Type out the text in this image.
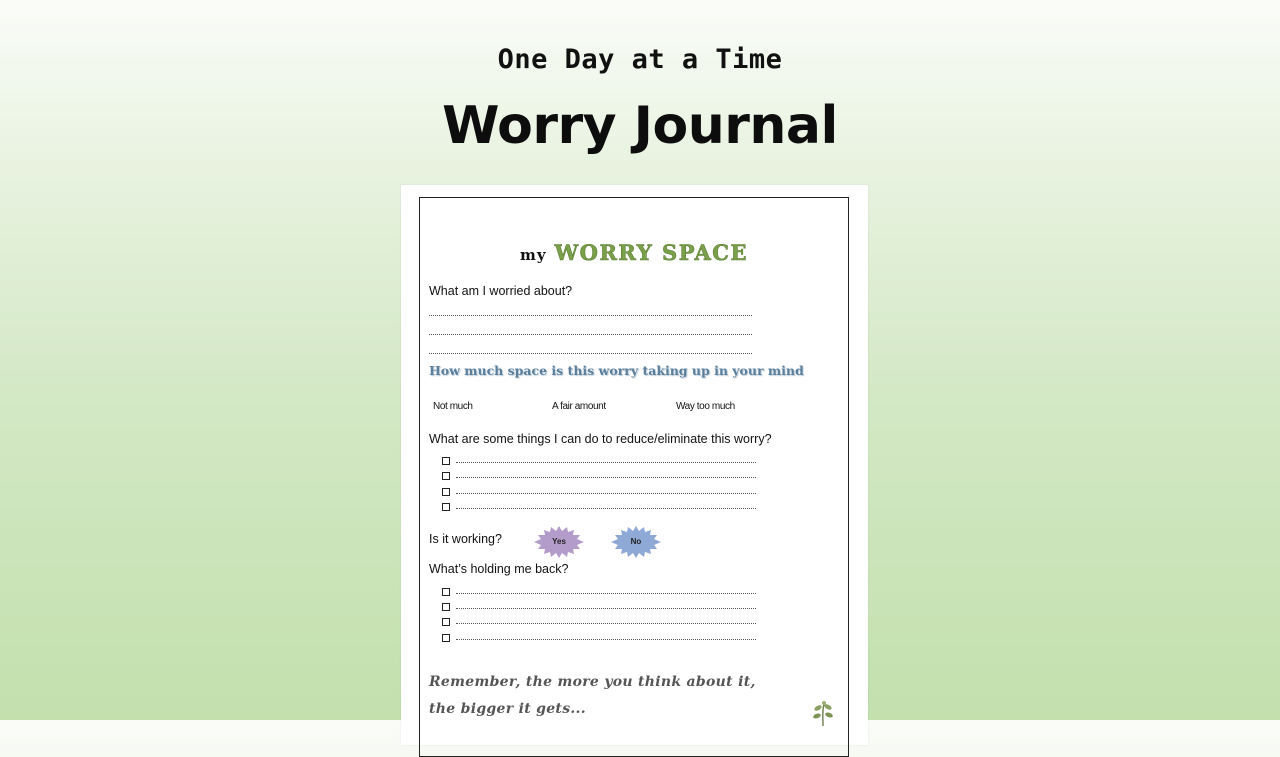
One Day at a Time
Worry Journal
my WORRY SPACE
What am I worried about?
How much space is this worry taking up in your mind
Not much	A fair amount	Way too much
What are some things I can do to reduce/eliminate this worry?
Is it working?	Yes	No
What’s holding me back?
Remember, the more you think about it,
the bigger it gets...
